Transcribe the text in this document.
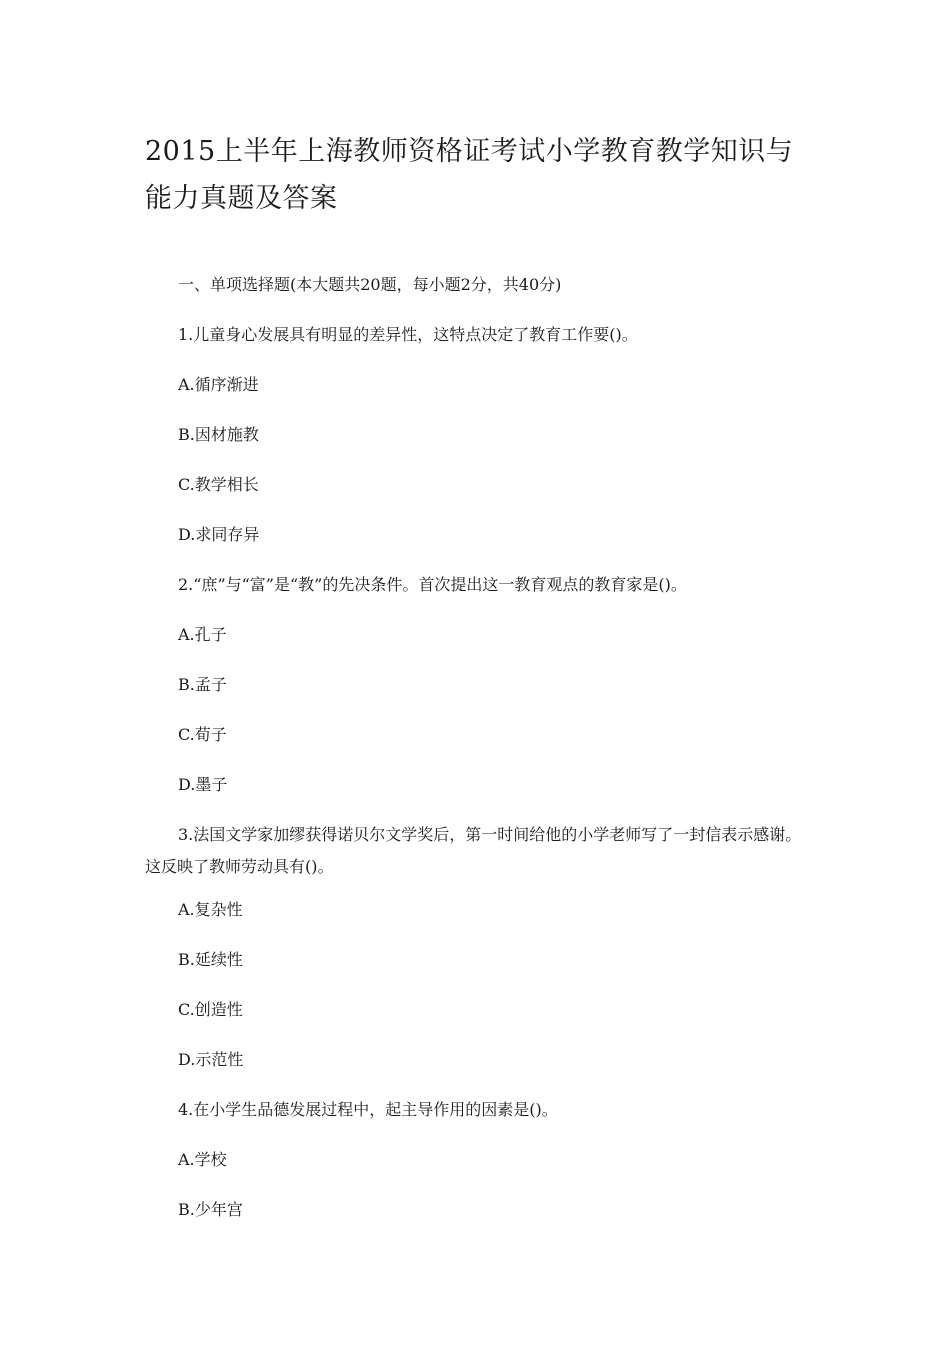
2015上半年上海教师资格证考试小学教育教学知识与能力真题及答案

一、单项选择题(本大题共20题，每小题2分，共40分)

1.儿童身心发展具有明显的差异性，这特点决定了教育工作要()。

A.循序渐进

B.因材施教

C.教学相长

D.求同存异

2.“庶”与“富”是“教”的先决条件。首次提出这一教育观点的教育家是()。

A.孔子

B.孟子

C.荀子

D.墨子

3.法国文学家加缪获得诺贝尔文学奖后，第一时间给他的小学老师写了一封信表示感谢。这反映了教师劳动具有()。

A.复杂性

B.延续性

C.创造性

D.示范性

4.在小学生品德发展过程中，起主导作用的因素是()。

A.学校

B.少年宫
